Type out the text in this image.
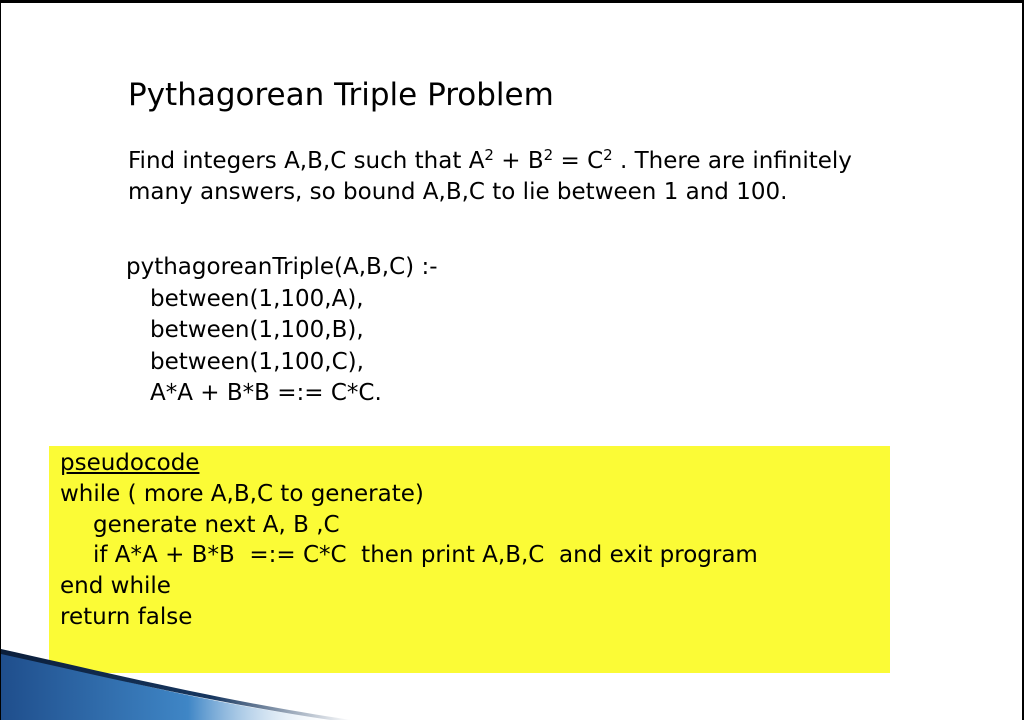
Pythagorean Triple Problem

Find integers A,B,C such that $A^2 + B^2 = C^2$ . There are infinitely many answers, so bound A,B,C to lie between 1 and 100.

pythagoreanTriple(A,B,C) :-
between(1,100,A),
between(1,100,B),
between(1,100,C),
A*A + B*B =:= C*C.
pseudocode
while ( more A,B,C to generate)
generate next A, B ,C
if A*A + B*B  =:= C*C  then print A,B,C  and exit program
end while
return false
